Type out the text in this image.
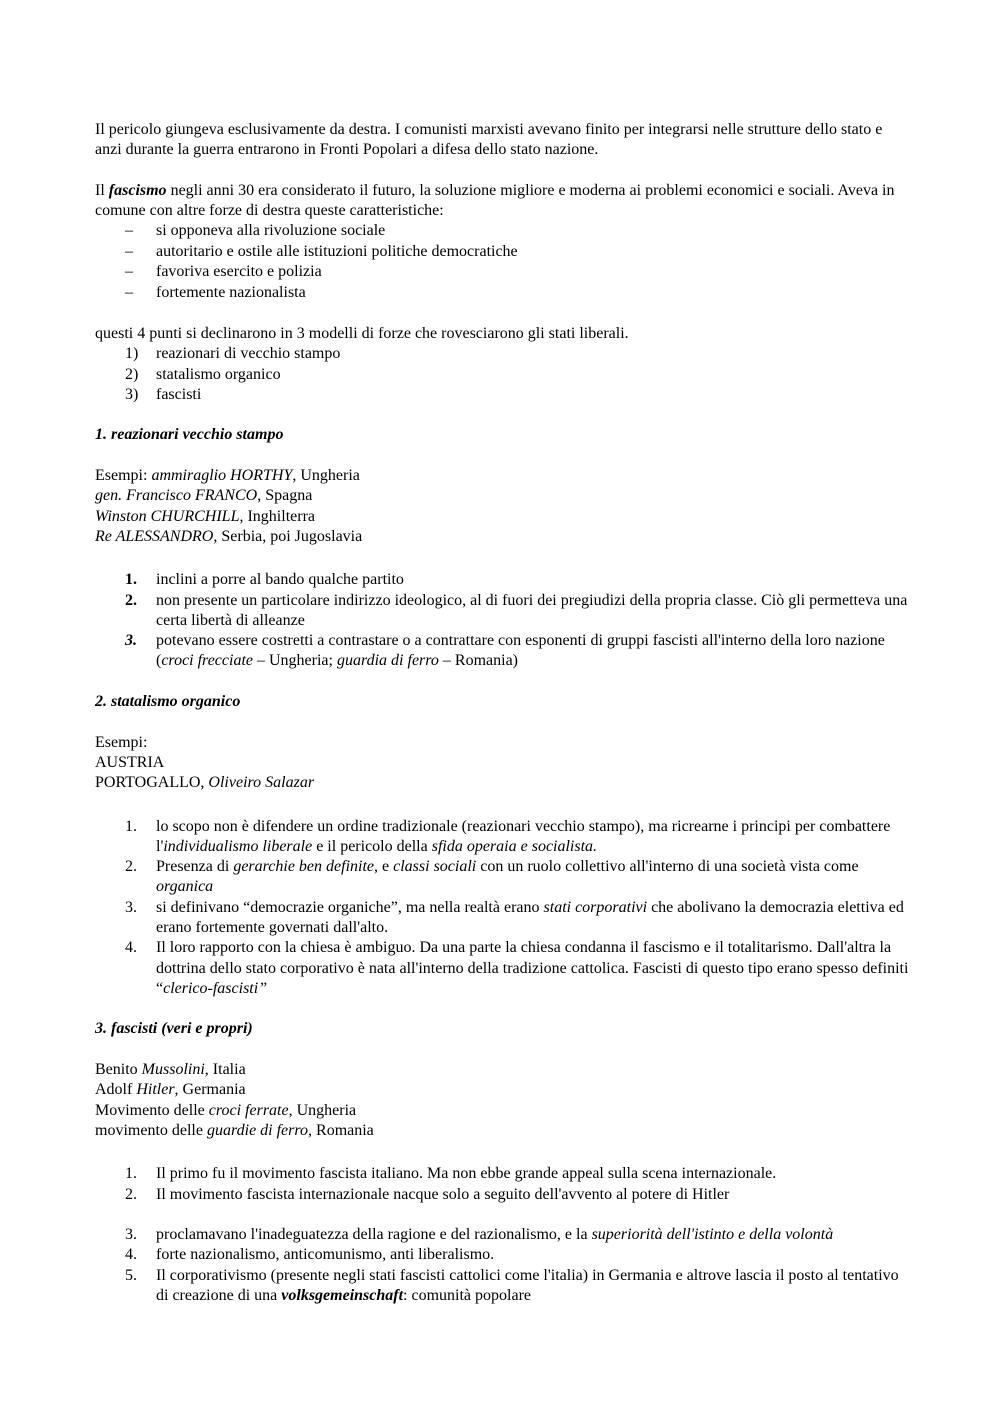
Il pericolo giungeva esclusivamente da destra. I comunisti marxisti avevano finito per integrarsi nelle strutture dello stato e anzi durante la guerra entrarono in Fronti Popolari a difesa dello stato nazione.

Il fascismo negli anni 30 era considerato il futuro, la soluzione migliore e moderna ai problemi economici e sociali. Aveva in comune con altre forze di destra queste caratteristiche:

– si opponeva alla rivoluzione sociale
– autoritario e ostile alle istituzioni politiche democratiche
– favoriva esercito e polizia
– fortemente nazionalista

questi 4 punti si declinarono in 3 modelli di forze che rovesciarono gli stati liberali.

1)	reazionari di vecchio stampo
2)	statalismo organico
3)	fascisti

1. reazionari vecchio stampo

Esempi: ammiraglio HORTHY, Ungheria

gen. Francisco FRANCO, Spagna

Winston CHURCHILL, Inghilterra

Re ALESSANDRO, Serbia, poi Jugoslavia

1.	inclini a porre al bando qualche partito
2.	non presente un particolare indirizzo ideologico, al di fuori dei pregiudizi della propria classe. Ciò gli permetteva una certa libertà di alleanze
3.	potevano essere costretti a contrastare o a contrattare con esponenti di gruppi fascisti all'interno della loro nazione (croci frecciate – Ungheria; guardia di ferro – Romania)

2. statalismo organico

Esempi:

AUSTRIA

PORTOGALLO, Oliveiro Salazar

1.	lo scopo non è difendere un ordine tradizionale (reazionari vecchio stampo), ma ricrearne i principi per combattere l'individualismo liberale e il pericolo della sfida operaia e socialista.
2.	Presenza di gerarchie ben definite, e classi sociali con un ruolo collettivo all'interno di una società vista come organica
3.	si definivano “democrazie organiche”, ma nella realtà erano stati corporativi che abolivano la democrazia elettiva ed erano fortemente governati dall'alto.
4.	Il loro rapporto con la chiesa è ambiguo. Da una parte la chiesa condanna il fascismo e il totalitarismo. Dall'altra la dottrina dello stato corporativo è nata all'interno della tradizione cattolica. Fascisti di questo tipo erano spesso definiti “clerico-fascisti”

3. fascisti (veri e propri)

Benito Mussolini, Italia

Adolf Hitler, Germania

Movimento delle croci ferrate, Ungheria

movimento delle guardie di ferro, Romania

1.	Il primo fu il movimento fascista italiano. Ma non ebbe grande appeal sulla scena internazionale.
2.	Il movimento fascista internazionale nacque solo a seguito dell'avvento al potere di Hitler
3.	proclamavano l'inadeguatezza della ragione e del razionalismo, e la superiorità dell'istinto e della volontà
4.	forte nazionalismo, anticomunismo, anti liberalismo.
5.	Il corporativismo (presente negli stati fascisti cattolici come l'italia) in Germania e altrove lascia il posto al tentativo di creazione di una volksgemeinschaft: comunità popolare
